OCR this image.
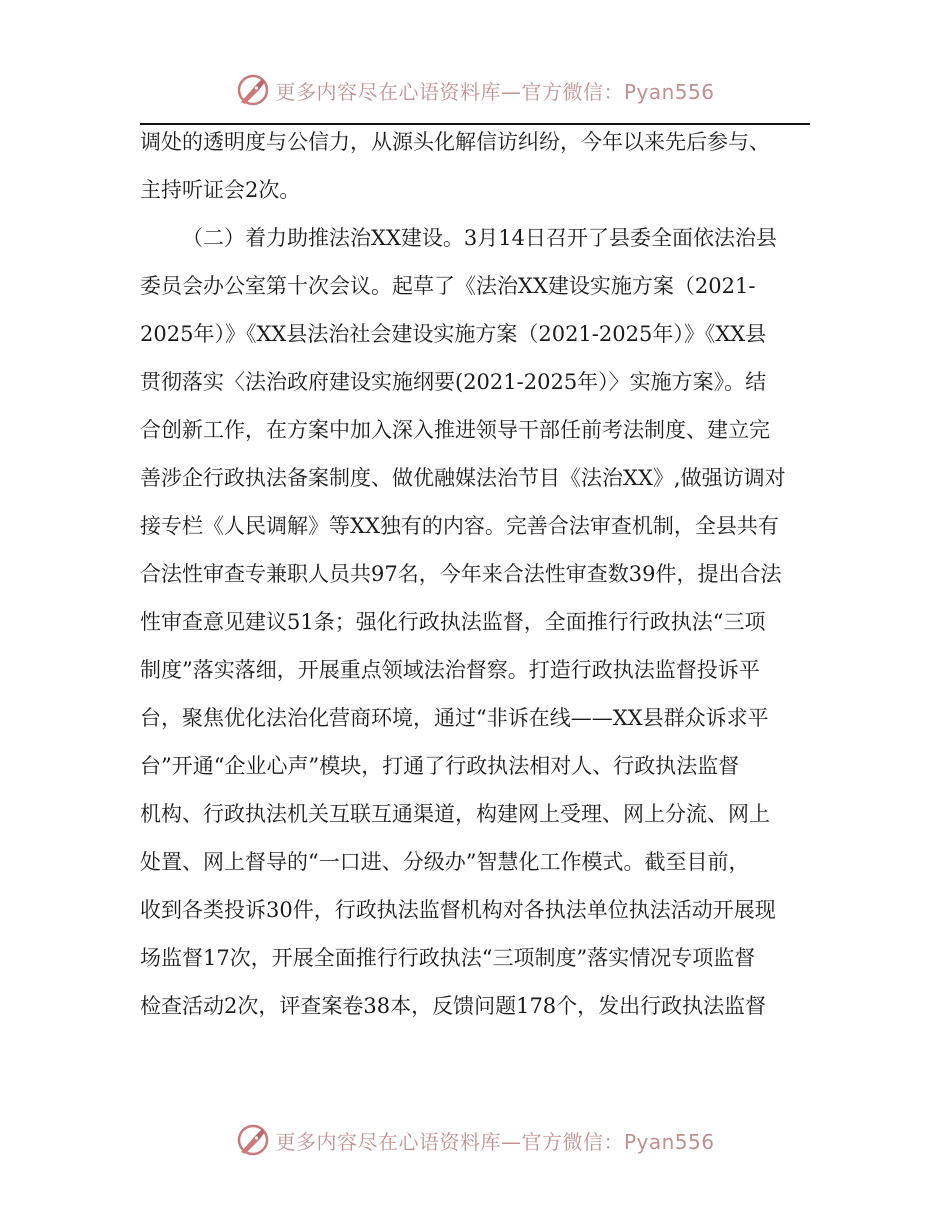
更多内容尽在心语资料库—官方微信：Pyan556
调处的透明度与公信力，从源头化解信访纠纷，今年以来先后参与、
主持听证会2次。
（二）着力助推法治XX建设。3月14日召开了县委全面依法治县
委员会办公室第十次会议。起草了《法治XX建设实施方案（2021-
2025年）》《XX县法治社会建设实施方案（2021-2025年）》《XX县
贯彻落实〈法治政府建设实施纲要(2021-2025年）〉实施方案》。结
合创新工作，在方案中加入深入推进领导干部任前考法制度、建立完
善涉企行政执法备案制度、做优融媒法治节目《法治XX》,做强访调对
接专栏《人民调解》等XX独有的内容。完善合法审查机制，全县共有
合法性审查专兼职人员共97名，今年来合法性审查数39件，提出合法
性审查意见建议51条；强化行政执法监督，全面推行行政执法“三项
制度”落实落细，开展重点领域法治督察。打造行政执法监督投诉平
台，聚焦优化法治化营商环境，通过“非诉在线——XX县群众诉求平
台”开通“企业心声”模块，打通了行政执法相对人、行政执法监督
机构、行政执法机关互联互通渠道，构建网上受理、网上分流、网上
处置、网上督导的“一口进、分级办”智慧化工作模式。截至目前，
收到各类投诉30件，行政执法监督机构对各执法单位执法活动开展现
场监督17次，开展全面推行行政执法“三项制度”落实情况专项监督
检查活动2次，评查案卷38本，反馈问题178个，发出行政执法监督
更多内容尽在心语资料库—官方微信：Pyan556
